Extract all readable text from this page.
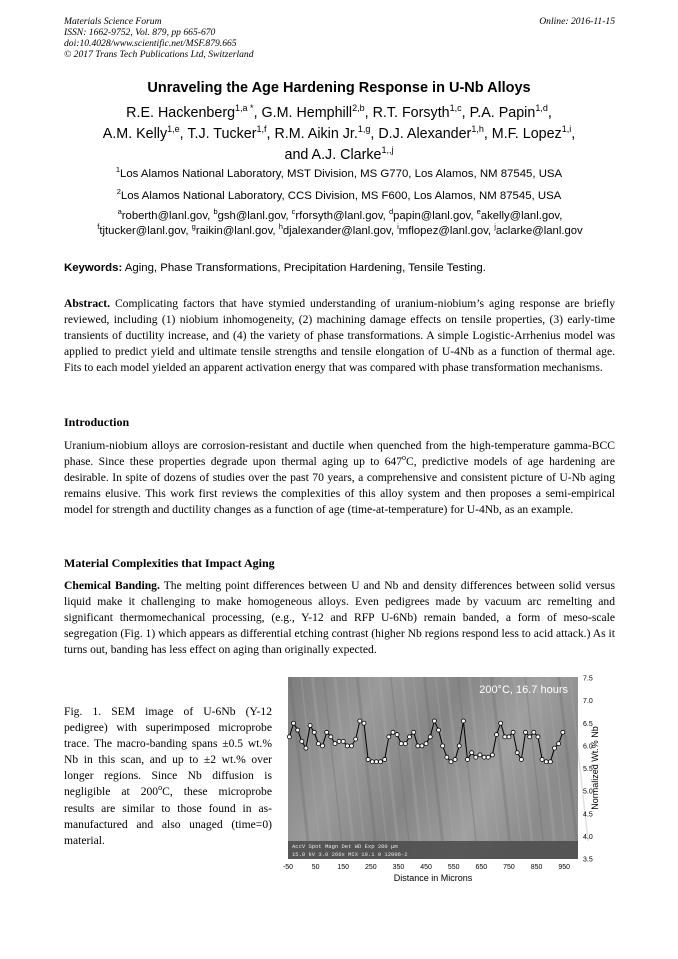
Materials Science Forum
ISSN: 1662-9752, Vol. 879, pp 665-670
doi:10.4028/www.scientific.net/MSF.879.665
© 2017 Trans Tech Publications Ltd, Switzerland
Online: 2016-11-15
Unraveling the Age Hardening Response in U-Nb Alloys
R.E. Hackenberg$^{1,a *}$, G.M. Hemphill$^{2,b}$, R.T. Forsyth$^{1,c}$, P.A. Papin$^{1,d}$,
A.M. Kelly$^{1,e}$, T.J. Tucker$^{1,f}$, R.M. Aikin Jr.$^{1,g}$, D.J. Alexander$^{1,h}$, M.F. Lopez$^{1,i}$,
and A.J. Clarke$^{1,,j}$
$^1$Los Alamos National Laboratory, MST Division, MS G770, Los Alamos, NM 87545, USA
$^2$Los Alamos National Laboratory, CCS Division, MS F600, Los Alamos, NM 87545, USA
$^a$roberth@lanl.gov, $^b$gsh@lanl.gov, $^c$rforsyth@lanl.gov, $^d$papin@lanl.gov, $^e$akelly@lanl.gov,
$^f$tjtucker@lanl.gov, $^g$raikin@lanl.gov, $^h$djalexander@lanl.gov, $^i$mflopez@lanl.gov, $^j$aclarke@lanl.gov
Keywords: Aging, Phase Transformations, Precipitation Hardening, Tensile Testing.
Abstract. Complicating factors that have stymied understanding of uranium-niobium’s aging response are briefly reviewed, including (1) niobium inhomogeneity, (2) machining damage effects on tensile properties, (3) early-time transients of ductility increase, and (4) the variety of phase transformations. A simple Logistic-Arrhenius model was applied to predict yield and ultimate tensile strengths and tensile elongation of U-4Nb as a function of thermal age. Fits to each model yielded an apparent activation energy that was compared with phase transformation mechanisms.
Introduction
Uranium-niobium alloys are corrosion-resistant and ductile when quenched from the high-temperature gamma-BCC phase. Since these properties degrade upon thermal aging up to 647$^o$C, predictive models of age hardening are desirable. In spite of dozens of studies over the past 70 years, a comprehensive and consistent picture of U-Nb aging remains elusive. This work first reviews the complexities of this alloy system and then proposes a semi-empirical model for strength and ductility changes as a function of age (time-at-temperature) for U-4Nb, as an example.
Material Complexities that Impact Aging
Chemical Banding. The melting point differences between U and Nb and density differences between solid versus liquid make it challenging to make homogeneous alloys. Even pedigrees made by vacuum arc remelting and significant thermomechanical processing, (e.g., Y-12 and RFP U-6Nb) remain banded, a form of meso-scale segregation (Fig. 1) which appears as differential etching contrast (higher Nb regions respond less to acid attack.) As it turns out, banding has less effect on aging than originally expected.
Fig. 1. SEM image of U-6Nb (Y-12 pedigree) with superimposed microprobe trace. The macro-banding spans ±0.5 wt.% Nb in this scan, and up to ±2 wt.% over longer regions. Since Nb diffusion is negligible at 200$^o$C, these microprobe results are similar to those found in as-manufactured and also unaged (time=0) material.	AccV Spot Magn Det WD Exp 200 µm
15.0 kV 3.0 266x MIX 19.1 0 12006-2
200°C, 16.7 hours
-50	50	150 250 350 450 550 650 750 850 950
3.5
4.0
4.5
5.0
5.5
6.0
6.5
7.0
7.5
Distance in Microns
Normalized Wt.% Nb
